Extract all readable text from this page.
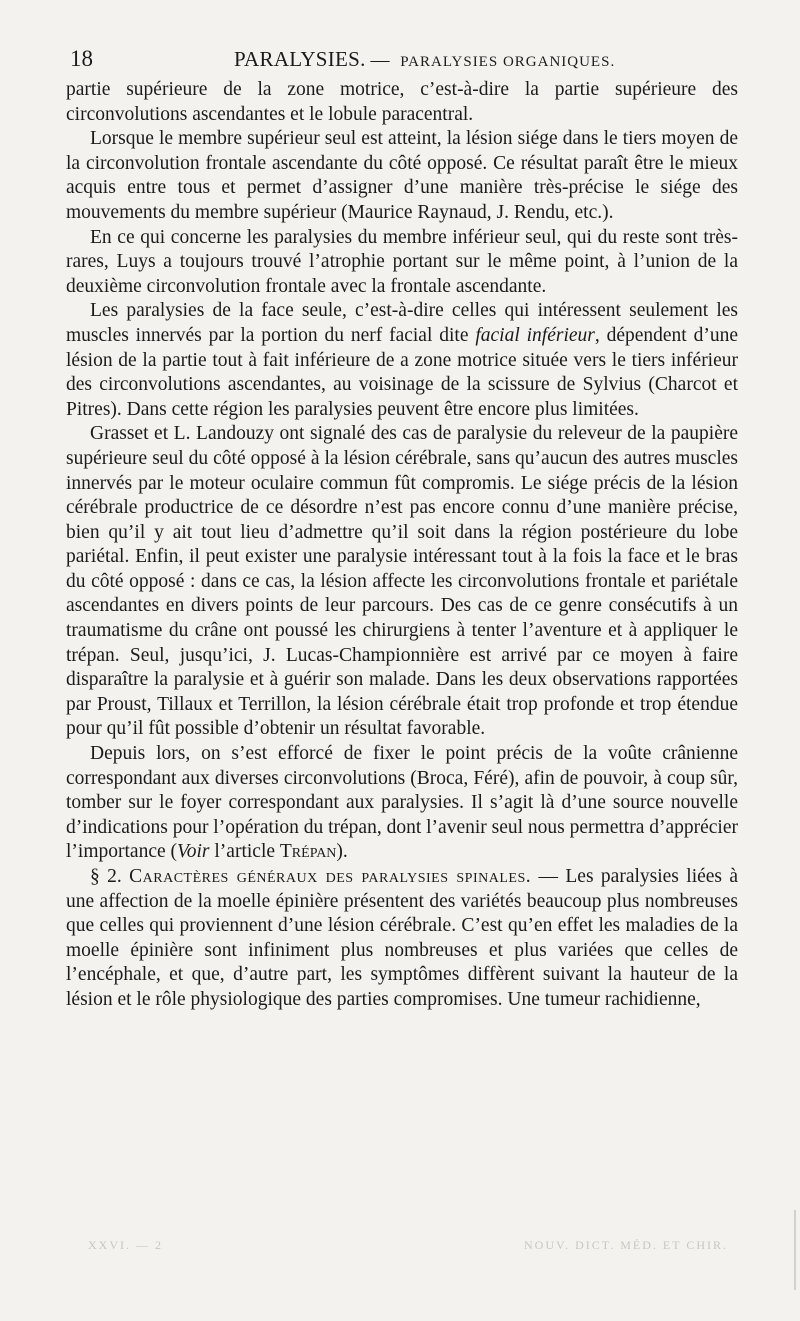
18	PARALYSIES. — PARALYSIES ORGANIQUES.

partie supérieure de la zone motrice, c’est-à-dire la partie supérieure des circonvolutions ascendantes et le lobule paracentral.

Lorsque le membre supérieur seul est atteint, la lésion siége dans le tiers moyen de la circonvolution frontale ascendante du côté opposé. Ce résultat paraît être le mieux acquis entre tous et permet d’assigner d’une manière très-précise le siége des mouvements du membre supérieur (Maurice Raynaud, J. Rendu, etc.).

En ce qui concerne les paralysies du membre inférieur seul, qui du reste sont très-rares, Luys a toujours trouvé l’atrophie portant sur le même point, à l’union de la deuxième circonvolution frontale avec la frontale ascendante.

Les paralysies de la face seule, c’est-à-dire celles qui intéressent seulement les muscles innervés par la portion du nerf facial dite facial inférieur, dépendent d’une lésion de la partie tout à fait inférieure de a zone motrice située vers le tiers inférieur des circonvolutions ascendantes, au voisinage de la scissure de Sylvius (Charcot et Pitres). Dans cette région les paralysies peuvent être encore plus limitées.

Grasset et L. Landouzy ont signalé des cas de paralysie du releveur de la paupière supérieure seul du côté opposé à la lésion cérébrale, sans qu’aucun des autres muscles innervés par le moteur oculaire commun fût compromis. Le siége précis de la lésion cérébrale productrice de ce désordre n’est pas encore connu d’une manière précise, bien qu’il y ait tout lieu d’admettre qu’il soit dans la région postérieure du lobe pariétal. Enfin, il peut exister une paralysie intéressant tout à la fois la face et le bras du côté opposé : dans ce cas, la lésion affecte les circonvolutions frontale et pariétale ascendantes en divers points de leur parcours. Des cas de ce genre consécutifs à un traumatisme du crâne ont poussé les chirurgiens à tenter l’aventure et à appliquer le trépan. Seul, jusqu’ici, J. Lucas-Championnière est arrivé par ce moyen à faire disparaître la paralysie et à guérir son malade. Dans les deux observations rapportées par Proust, Tillaux et Terrillon, la lésion cérébrale était trop profonde et trop étendue pour qu’il fût possible d’obtenir un résultat favorable.

Depuis lors, on s’est efforcé de fixer le point précis de la voûte crânienne correspondant aux diverses circonvolutions (Broca, Féré), afin de pouvoir, à coup sûr, tomber sur le foyer correspondant aux paralysies. Il s’agit là d’une source nouvelle d’indications pour l’opération du trépan, dont l’avenir seul nous permettra d’apprécier l’importance (Voir l’article Trépan).

§ 2. Caractères généraux des paralysies spinales. — Les paralysies liées à une affection de la moelle épinière présentent des variétés beaucoup plus nombreuses que celles qui proviennent d’une lésion cérébrale. C’est qu’en effet les maladies de la moelle épinière sont infiniment plus nombreuses et plus variées que celles de l’encéphale, et que, d’autre part, les symptômes diffèrent suivant la hauteur de la lésion et le rôle physiologique des parties compromises. Une tumeur rachidienne,

XXVI. — 2	NOUV. DICT. MÉD. ET CHIR.
